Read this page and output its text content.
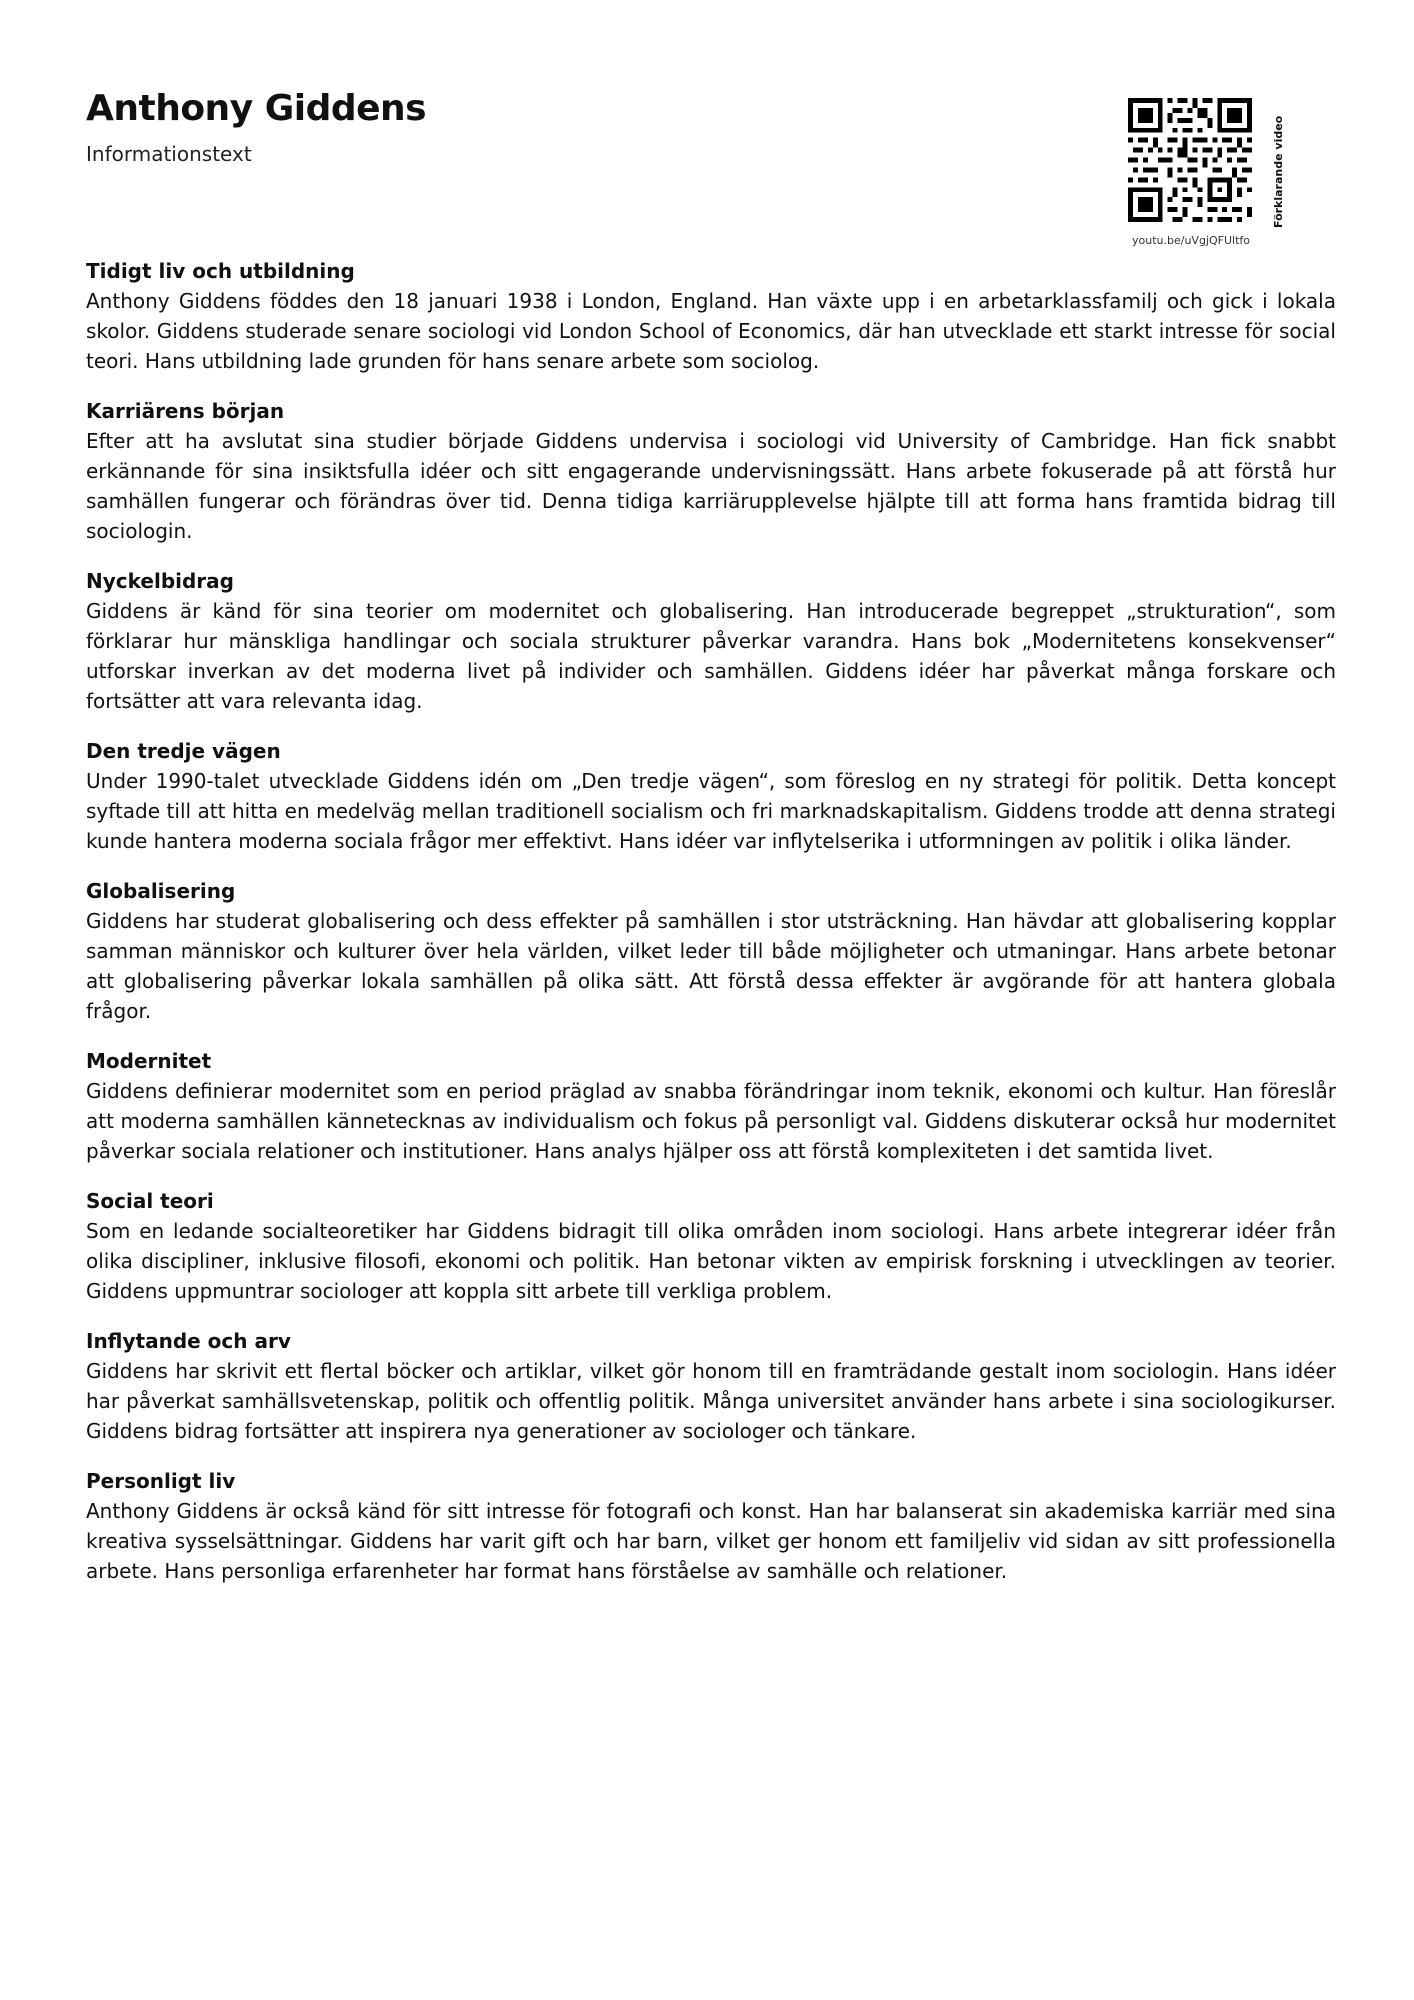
Anthony Giddens
Informationstext	Förklarande video
youtu.be/uVgjQFUltfo
Tidigt liv och utbildning

Anthony Giddens föddes den 18 januari 1938 i London, England. Han växte upp i en arbetarklassfamilj och gick i lokala skolor. Giddens studerade senare sociologi vid London School of Economics, där han utvecklade ett starkt intresse för social teori. Hans utbildning lade grunden för hans senare arbete som sociolog.

Karriärens början

Efter att ha avslutat sina studier började Giddens undervisa i sociologi vid University of Cambridge. Han fick snabbt erkännande för sina insiktsfulla idéer och sitt engagerande undervisningssätt. Hans arbete fokuserade på att förstå hur samhällen fungerar och förändras över tid. Denna tidiga karriärupplevelse hjälpte till att forma hans framtida bidrag till sociologin.

Nyckelbidrag

Giddens är känd för sina teorier om modernitet och globalisering. Han introducerade begreppet „strukturation“, som förklarar hur mänskliga handlingar och sociala strukturer påverkar varandra. Hans bok „Modernitetens konsekvenser“ utforskar inverkan av det moderna livet på individer och samhällen. Giddens idéer har påverkat många forskare och fortsätter att vara relevanta idag.

Den tredje vägen

Under 1990-talet utvecklade Giddens idén om „Den tredje vägen“, som föreslog en ny strategi för politik. Detta koncept syftade till att hitta en medelväg mellan traditionell socialism och fri marknadskapitalism. Giddens trodde att denna strategi kunde hantera moderna sociala frågor mer effektivt. Hans idéer var inflytelserika i utformningen av politik i olika länder.

Globalisering

Giddens har studerat globalisering och dess effekter på samhällen i stor utsträckning. Han hävdar att globalisering kopplar samman människor och kulturer över hela världen, vilket leder till både möjligheter och utmaningar. Hans arbete betonar att globalisering påverkar lokala samhällen på olika sätt. Att förstå dessa effekter är avgörande för att hantera globala frågor.

Modernitet

Giddens definierar modernitet som en period präglad av snabba förändringar inom teknik, ekonomi och kultur. Han föreslår att moderna samhällen kännetecknas av individualism och fokus på personligt val. Giddens diskuterar också hur modernitet påverkar sociala relationer och institutioner. Hans analys hjälper oss att förstå komplexiteten i det samtida livet.

Social teori

Som en ledande socialteoretiker har Giddens bidragit till olika områden inom sociologi. Hans arbete integrerar idéer från olika discipliner, inklusive filosofi, ekonomi och politik. Han betonar vikten av empirisk forskning i utvecklingen av teorier. Giddens uppmuntrar sociologer att koppla sitt arbete till verkliga problem.

Inflytande och arv

Giddens har skrivit ett flertal böcker och artiklar, vilket gör honom till en framträdande gestalt inom sociologin. Hans idéer har påverkat samhällsvetenskap, politik och offentlig politik. Många universitet använder hans arbete i sina sociologikurser. Giddens bidrag fortsätter att inspirera nya generationer av sociologer och tänkare.

Personligt liv

Anthony Giddens är också känd för sitt intresse för fotografi och konst. Han har balanserat sin akademiska karriär med sina kreativa sysselsättningar. Giddens har varit gift och har barn, vilket ger honom ett familjeliv vid sidan av sitt professionella arbete. Hans personliga erfarenheter har format hans förståelse av samhälle och relationer.
